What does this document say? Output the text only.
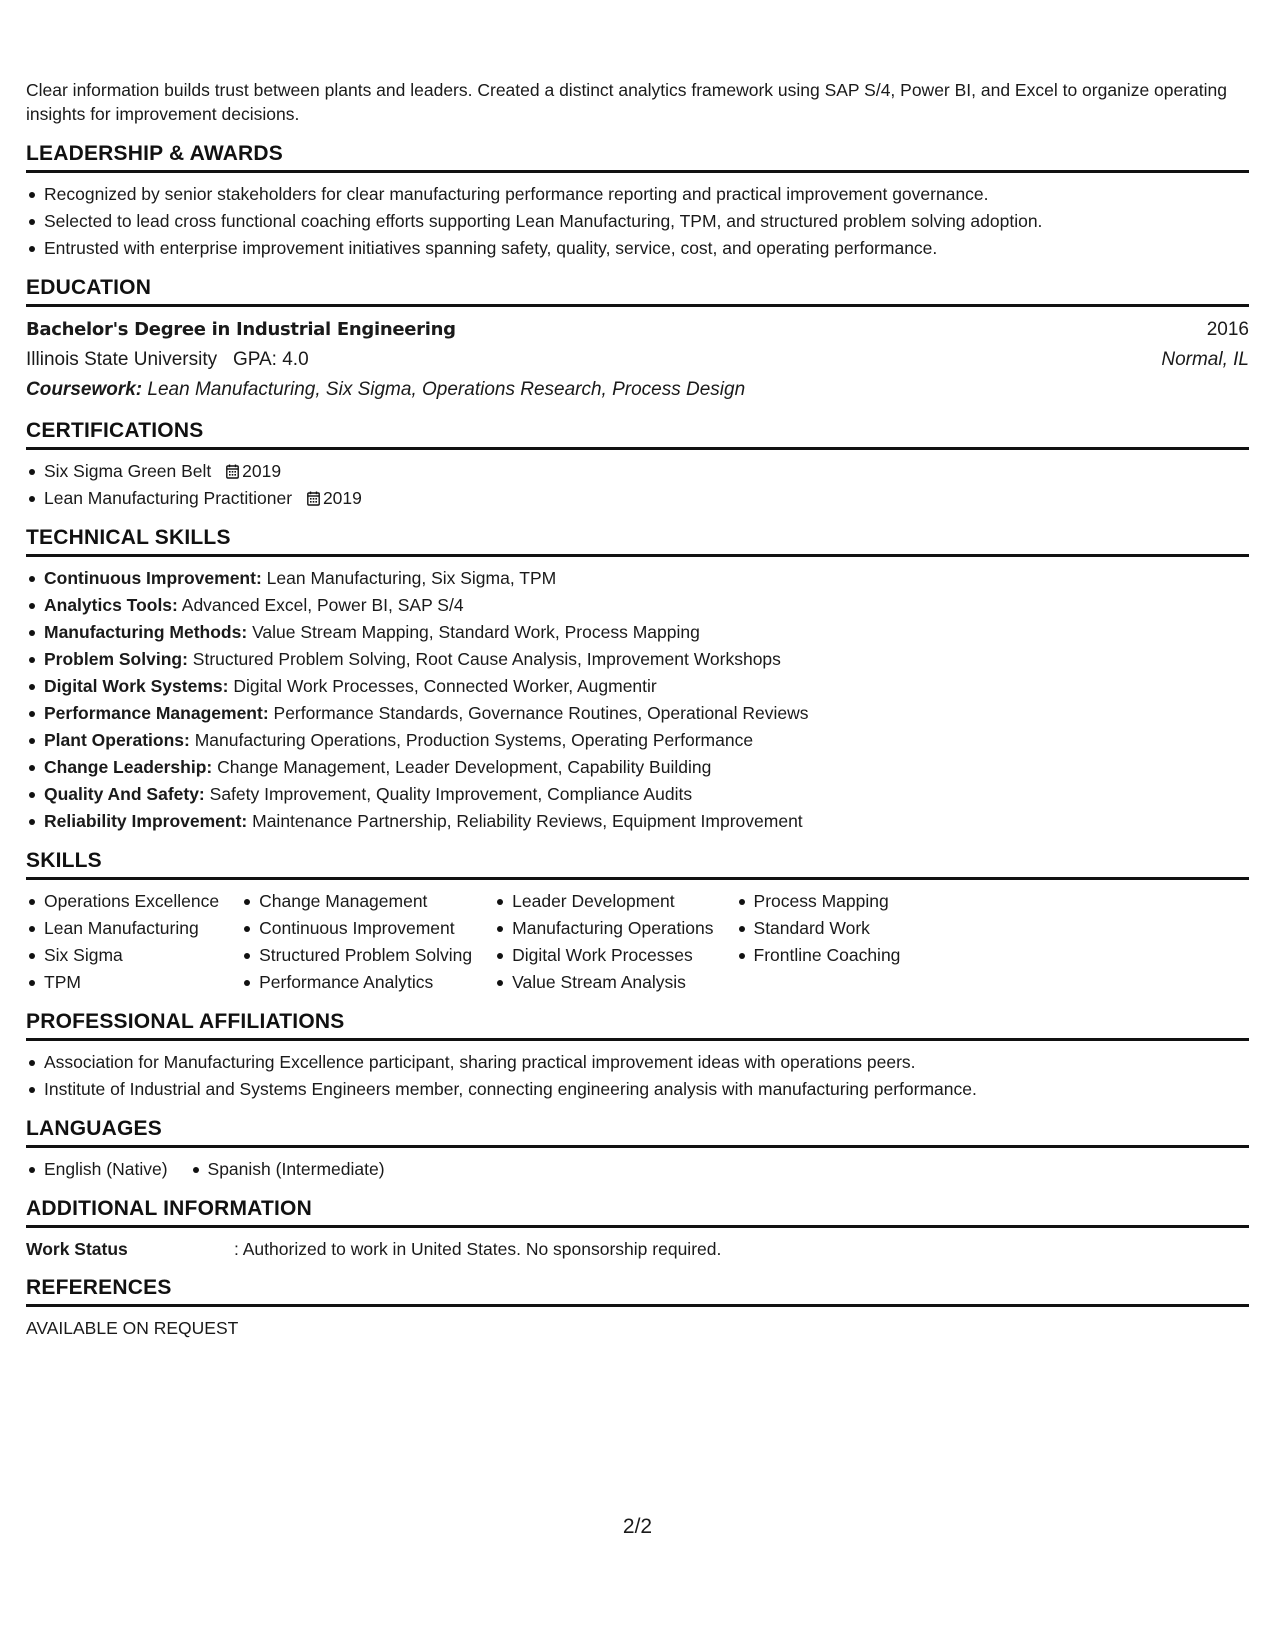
Clear information builds trust between plants and leaders. Created a distinct analytics framework using SAP S/4, Power BI, and Excel to organize operating insights for improvement decisions.

LEADERSHIP & AWARDS
Recognized by senior stakeholders for clear manufacturing performance reporting and practical improvement governance.
Selected to lead cross functional coaching efforts supporting Lean Manufacturing, TPM, and structured problem solving adoption.
Entrusted with enterprise improvement initiatives spanning safety, quality, service, cost, and operating performance.
EDUCATION
Bachelor's Degree in Industrial Engineering	2016
Illinois State University GPA: 4.0	Normal, IL
Coursework: Lean Manufacturing, Six Sigma, Operations Research, Process Design
CERTIFICATIONS
Six Sigma Green Belt 2019
Lean Manufacturing Practitioner 2019
TECHNICAL SKILLS
Continuous Improvement: Lean Manufacturing, Six Sigma, TPM
Analytics Tools: Advanced Excel, Power BI, SAP S/4
Manufacturing Methods: Value Stream Mapping, Standard Work, Process Mapping
Problem Solving: Structured Problem Solving, Root Cause Analysis, Improvement Workshops
Digital Work Systems: Digital Work Processes, Connected Worker, Augmentir
Performance Management: Performance Standards, Governance Routines, Operational Reviews
Plant Operations: Manufacturing Operations, Production Systems, Operating Performance
Change Leadership: Change Management, Leader Development, Capability Building
Quality And Safety: Safety Improvement, Quality Improvement, Compliance Audits
Reliability Improvement: Maintenance Partnership, Reliability Reviews, Equipment Improvement
SKILLS
Operations Excellence
Lean Manufacturing
Six Sigma
TPM
Change Management
Continuous Improvement
Structured Problem Solving
Performance Analytics
Leader Development
Manufacturing Operations
Digital Work Processes
Value Stream Analysis
Process Mapping
Standard Work
Frontline Coaching
PROFESSIONAL AFFILIATIONS
Association for Manufacturing Excellence participant, sharing practical improvement ideas with operations peers.
Institute of Industrial and Systems Engineers member, connecting engineering analysis with manufacturing performance.
LANGUAGES
English (Native) Spanish (Intermediate)
ADDITIONAL INFORMATION
Work Status	: Authorized to work in United States. No sponsorship required.
REFERENCES
AVAILABLE ON REQUEST
2/2
